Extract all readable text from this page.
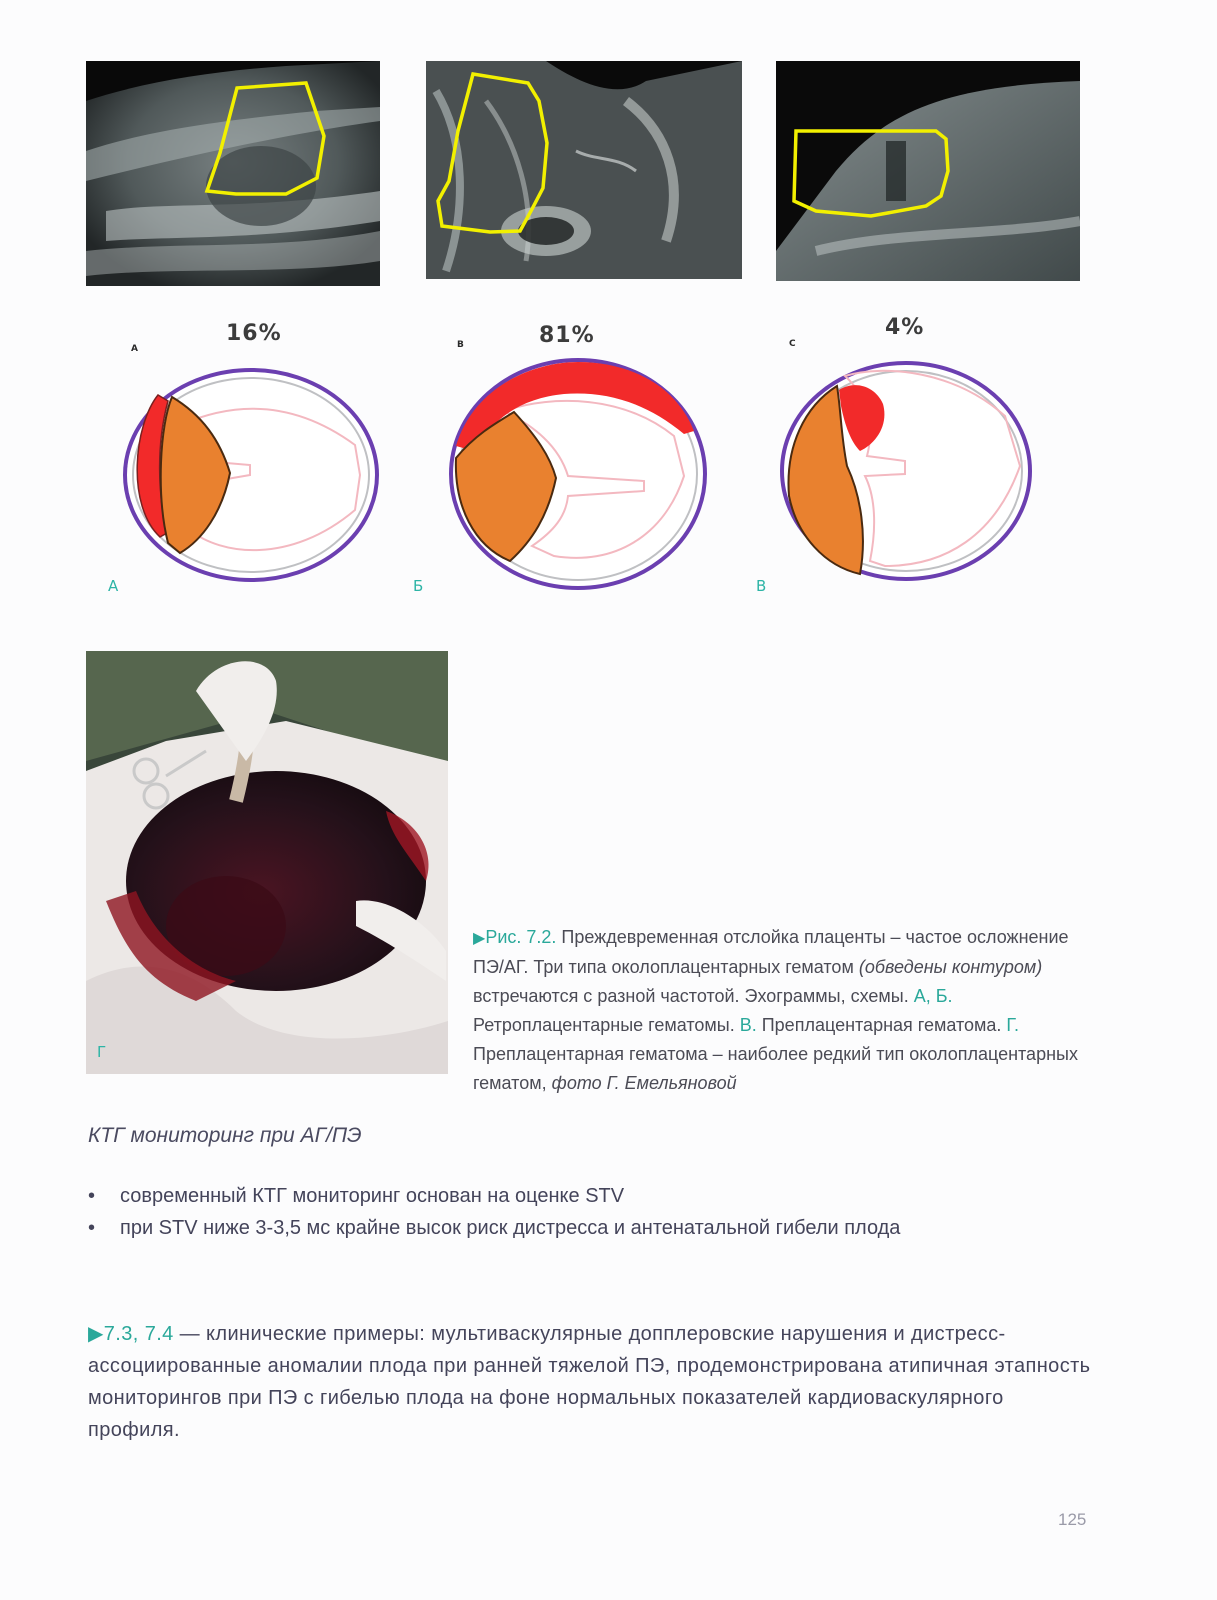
16%	81%	4%
A	B	C
А	Б	В
Г
▶Рис. 7.2. Преждевременная отслойка плаценты – частое осложнение ПЭ/АГ. Три типа околоплацентарных гематом (обведены контуром) встречаются с разной частотой. Эхограммы, схемы. А, Б. Ретроплацентарные гематомы. В. Преплацентарная гематома. Г. Преплацентарная гематома – наиболее редкий тип околоплацентарных гематом, фото Г. Емельяновой
КТГ мониторинг при АГ/ПЭ
• современный КТГ мониторинг основан на оценке STV
• при STV ниже 3-3,5 мс крайне высок риск дистресса и антенатальной гибели плода
▶7.3, 7.4 — клинические примеры: мультиваскулярные допплеровские нарушения и дистресс-ассоциированные аномалии плода при ранней тяжелой ПЭ, продемонстрирована атипичная этапность мониторингов при ПЭ с гибелью плода на фоне нормальных показателей кардиоваскулярного профиля.
125
